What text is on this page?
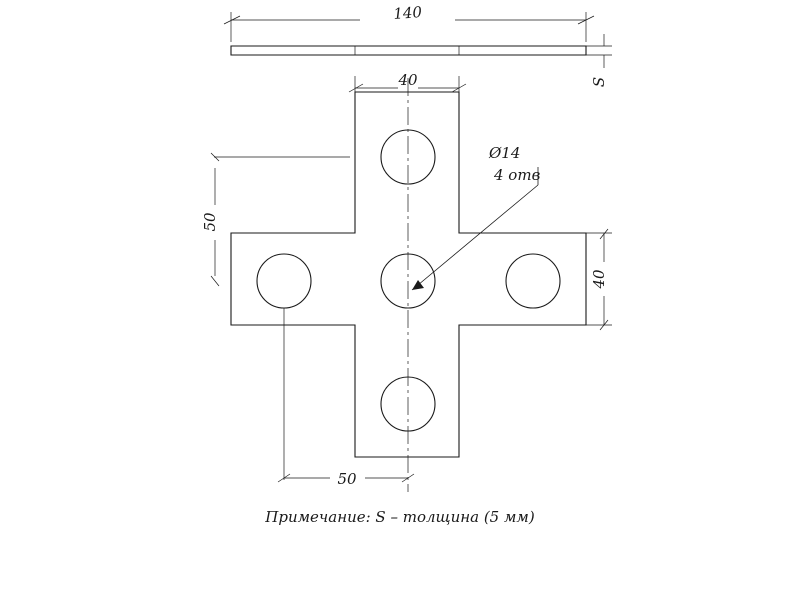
140
S
40
50
40
50
Ø14
4 отв
Примечание: S – толщина (5 мм)
